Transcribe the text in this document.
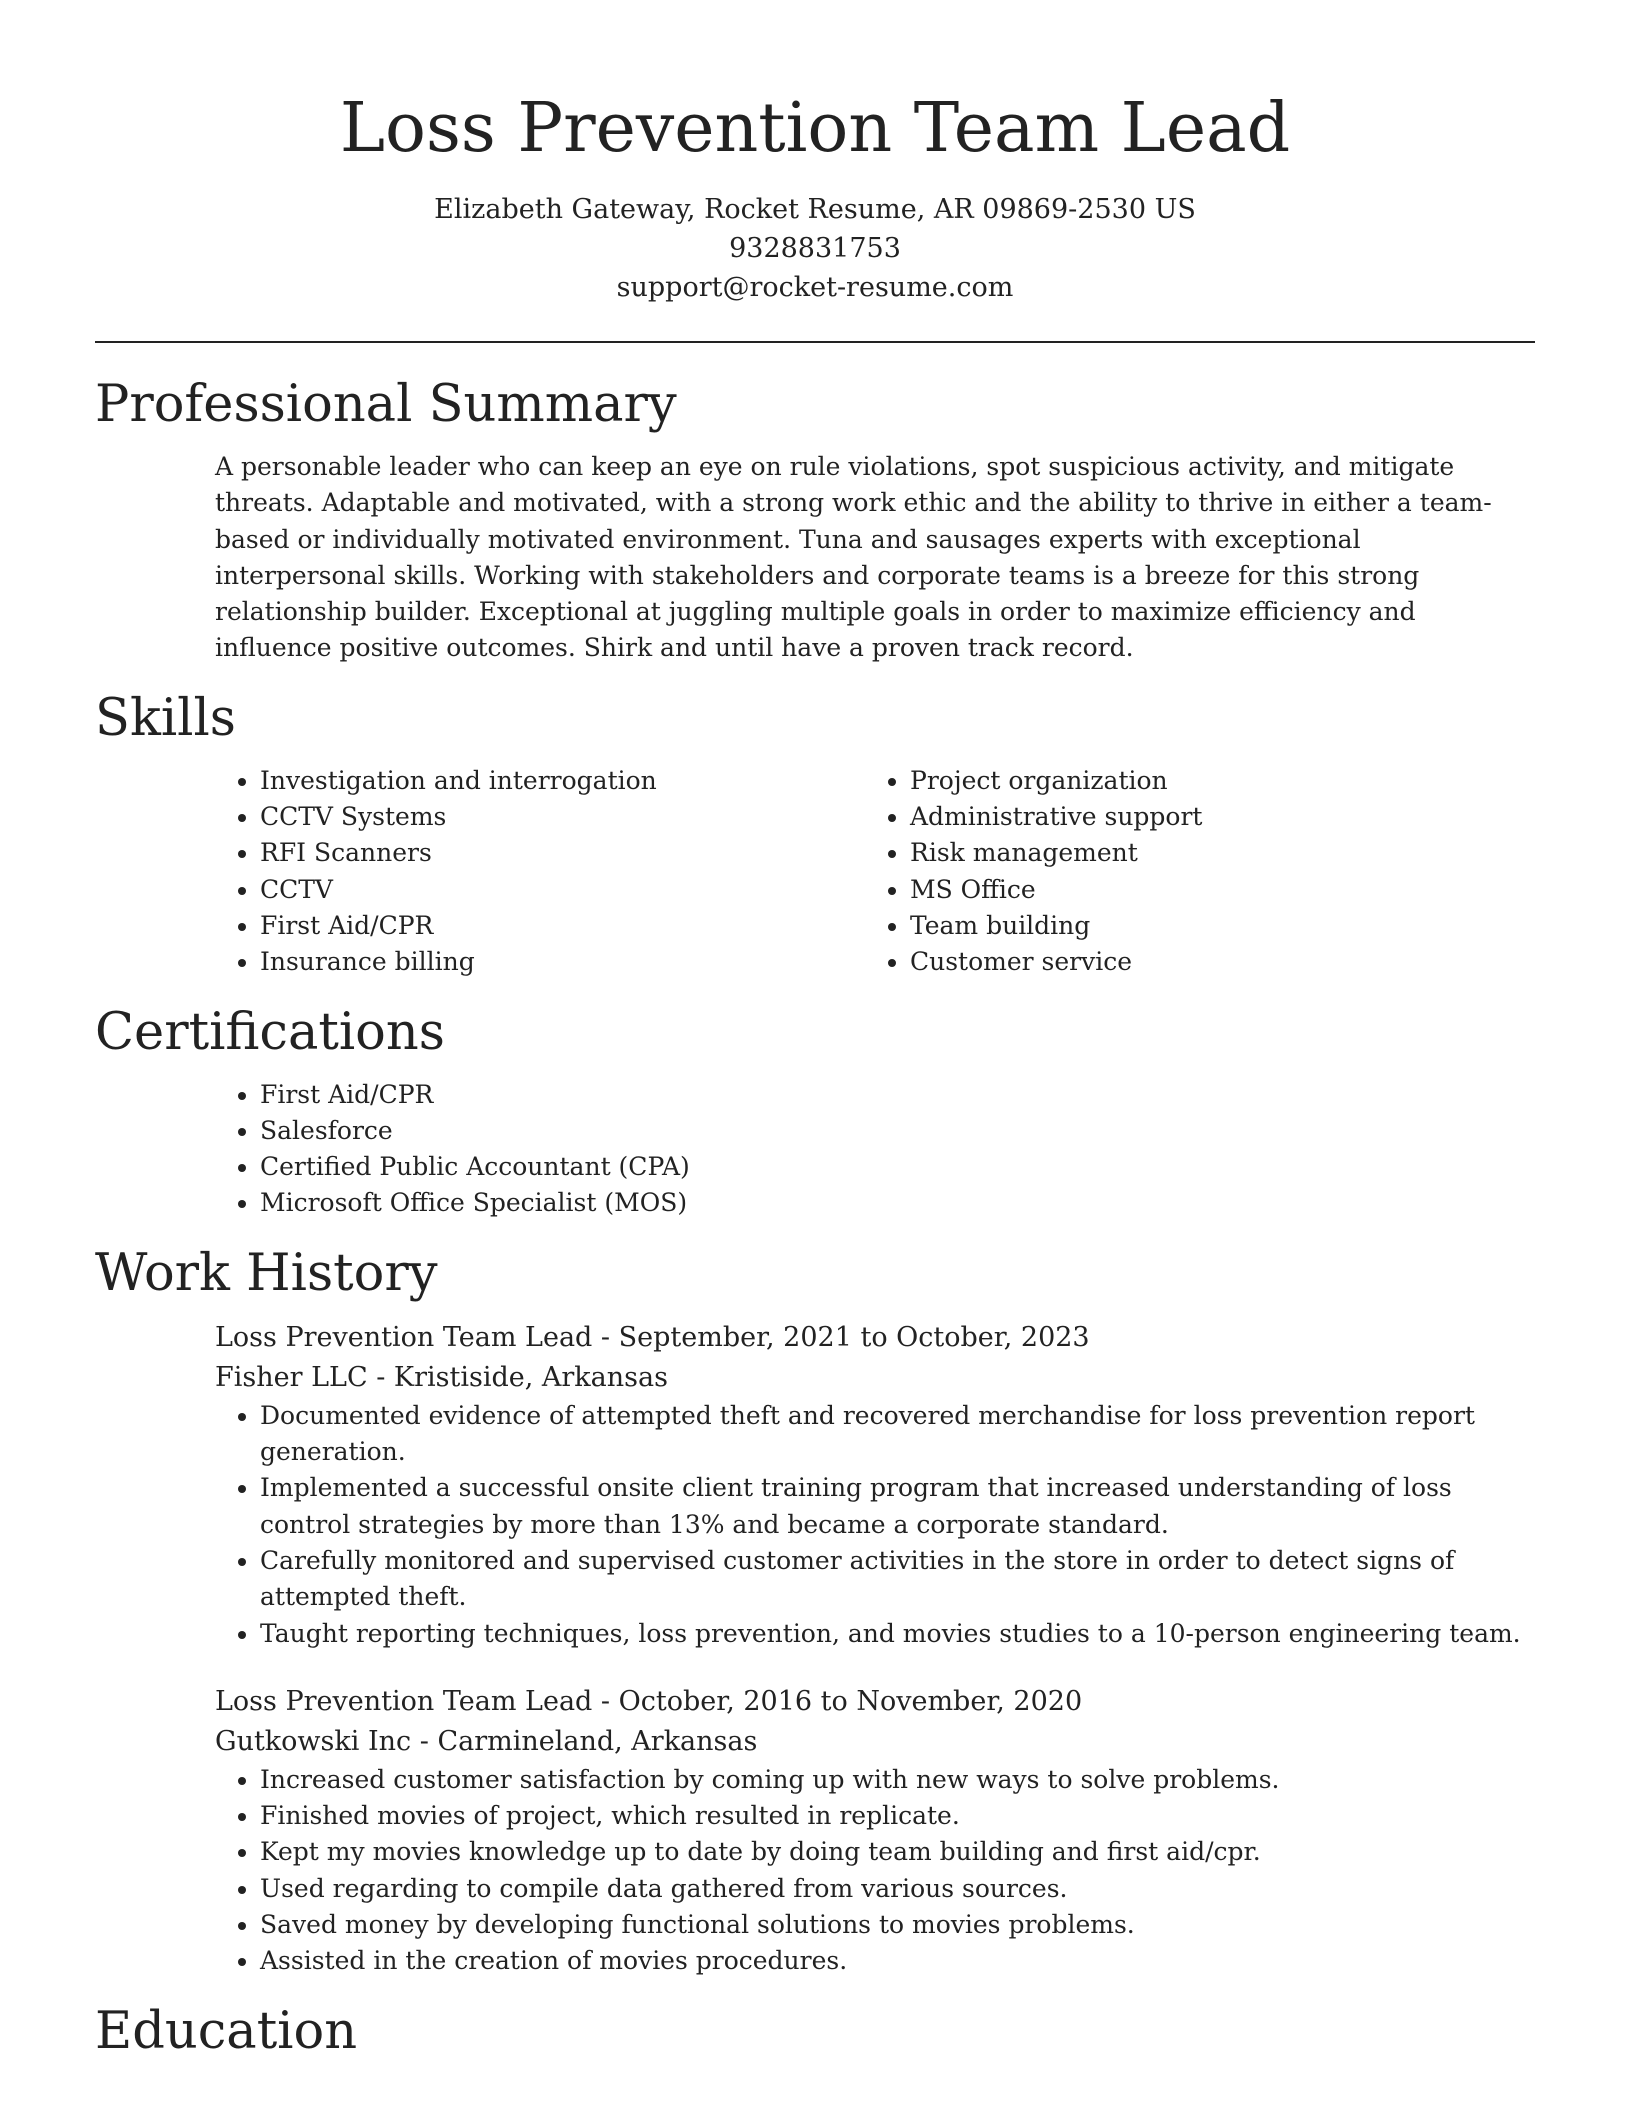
Loss Prevention Team Lead

Elizabeth Gateway, Rocket Resume, AR 09869-2530 US

9328831753

support@rocket-resume.com

Professional Summary

A personable leader who can keep an eye on rule violations, spot suspicious activity, and mitigate threats. Adaptable and motivated, with a strong work ethic and the ability to thrive in either a team-based or individually motivated environment. Tuna and sausages experts with exceptional interpersonal skills. Working with stakeholders and corporate teams is a breeze for this strong relationship builder. Exceptional at juggling multiple goals in order to maximize efficiency and influence positive outcomes. Shirk and until have a proven track record.

Skills
• Investigation and interrogation
• CCTV Systems
• RFI Scanners
• CCTV
• First Aid/CPR
• Insurance billing
• Project organization
• Administrative support
• Risk management
• MS Office
• Team building
• Customer service
Certifications
• First Aid/CPR
• Salesforce
• Certified Public Accountant (CPA)
• Microsoft Office Specialist (MOS)
Work History

Loss Prevention Team Lead - September, 2021 to October, 2023

Fisher LLC - Kristiside, Arkansas

• Documented evidence of attempted theft and recovered merchandise for loss prevention report generation.
• Implemented a successful onsite client training program that increased understanding of loss control strategies by more than 13% and became a corporate standard.
• Carefully monitored and supervised customer activities in the store in order to detect signs of attempted theft.
• Taught reporting techniques, loss prevention, and movies studies to a 10-person engineering team.

Loss Prevention Team Lead - October, 2016 to November, 2020

Gutkowski Inc - Carmineland, Arkansas

• Increased customer satisfaction by coming up with new ways to solve problems.
• Finished movies of project, which resulted in replicate.
• Kept my movies knowledge up to date by doing team building and first aid/cpr.
• Used regarding to compile data gathered from various sources.
• Saved money by developing functional solutions to movies problems.
• Assisted in the creation of movies procedures.
Education
